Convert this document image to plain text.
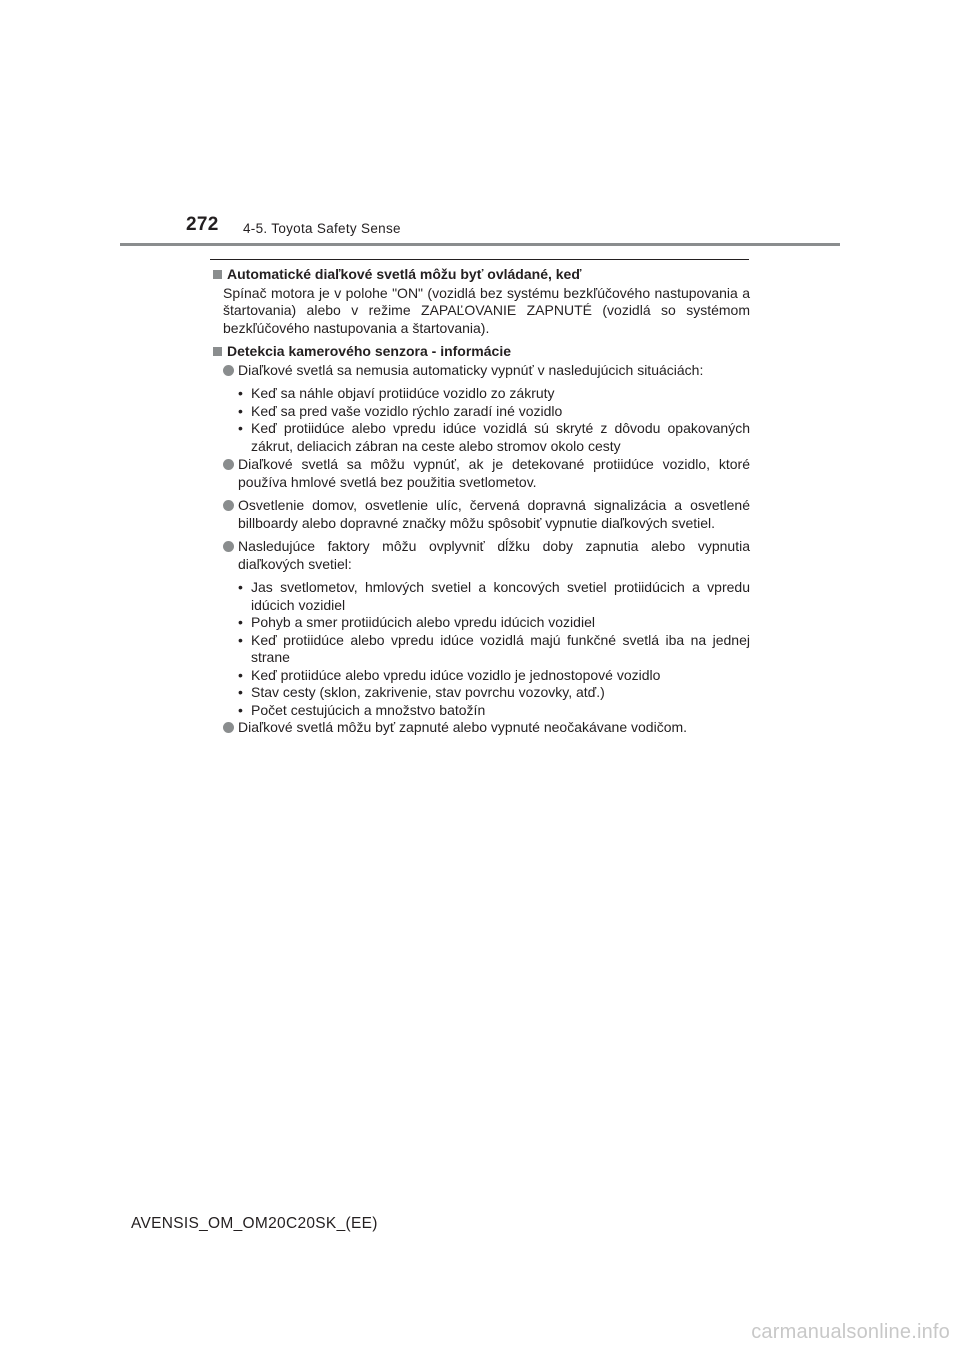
272 4-5. Toyota Safety Sense
Automatické diaľkové svetlá môžu byť ovládané, keď
Spínač motora je v polohe "ON" (vozidlá bez systému bezkľúčového nastupovania a štartovania) alebo v režime ZAPAĽOVANIE ZAPNUTÉ (vozidlá so systémom bezkľúčového nastupovania a štartovania).
Detekcia kamerového senzora - informácie
Diaľkové svetlá sa nemusia automaticky vypnúť v nasledujúcich situáciách:
• Keď sa náhle objaví protiidúce vozidlo zo zákruty
• Keď sa pred vaše vozidlo rýchlo zaradí iné vozidlo
• Keď protiidúce alebo vpredu idúce vozidlá sú skryté z dôvodu opakovaných zákrut, deliacich zábran na ceste alebo stromov okolo cesty
Diaľkové svetlá sa môžu vypnúť, ak je detekované protiidúce vozidlo, ktoré používa hmlové svetlá bez použitia svetlometov.
Osvetlenie domov, osvetlenie ulíc, červená dopravná signalizácia a osvetlené billboardy alebo dopravné značky môžu spôsobiť vypnutie diaľkových svetiel.
Nasledujúce faktory môžu ovplyvniť dĺžku doby zapnutia alebo vypnutia diaľkových svetiel:
• Jas svetlometov, hmlových svetiel a koncových svetiel protiidúcich a vpredu idúcich vozidiel
• Pohyb a smer protiidúcich alebo vpredu idúcich vozidiel
• Keď protiidúce alebo vpredu idúce vozidlá majú funkčné svetlá iba na jednej strane
• Keď protiidúce alebo vpredu idúce vozidlo je jednostopové vozidlo
• Stav cesty (sklon, zakrivenie, stav povrchu vozovky, atď.)
• Počet cestujúcich a množstvo batožín
Diaľkové svetlá môžu byť zapnuté alebo vypnuté neočakávane vodičom.
AVENSIS_OM_OM20C20SK_(EE)
carmanualsonline.info
